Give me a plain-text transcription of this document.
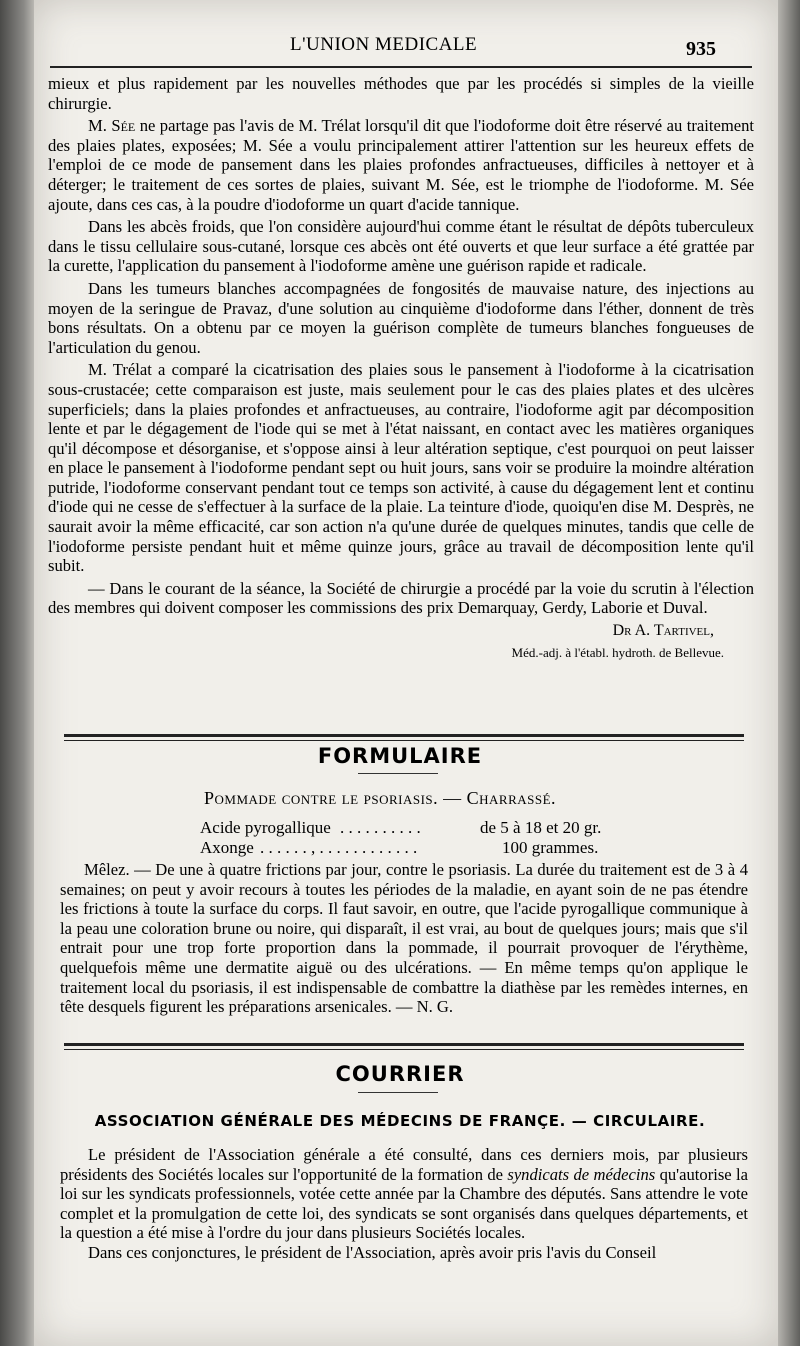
L'UNION MEDICALE	935

mieux et plus rapidement par les nouvelles méthodes que par les procédés si simples de la vieille chirurgie.

M. Sée ne partage pas l'avis de M. Trélat lorsqu'il dit que l'iodoforme doit être réservé au traitement des plaies plates, exposées; M. Sée a voulu principalement attirer l'attention sur les heureux effets de l'emploi de ce mode de pansement dans les plaies profondes anfractueuses, difficiles à nettoyer et à déterger; le traitement de ces sortes de plaies, suivant M. Sée, est le triomphe de l'iodoforme. M. Sée ajoute, dans ces cas, à la poudre d'iodoforme un quart d'acide tannique.

Dans les abcès froids, que l'on considère aujourd'hui comme étant le résultat de dépôts tuberculeux dans le tissu cellulaire sous-cutané, lorsque ces abcès ont été ouverts et que leur surface a été grattée par la curette, l'application du pansement à l'iodoforme amène une guérison rapide et radicale.

Dans les tumeurs blanches accompagnées de fongosités de mauvaise nature, des injections au moyen de la seringue de Pravaz, d'une solution au cinquième d'iodoforme dans l'éther, donnent de très bons résultats. On a obtenu par ce moyen la guérison complète de tumeurs blanches fongueuses de l'articulation du genou.

M. Trélat a comparé la cicatrisation des plaies sous le pansement à l'iodoforme à la cicatrisation sous-crustacée; cette comparaison est juste, mais seulement pour le cas des plaies plates et des ulcères superficiels; dans la plaies profondes et anfractueuses, au contraire, l'iodoforme agit par décomposition lente et par le dégagement de l'iode qui se met à l'état naissant, en contact avec les matières organiques qu'il décompose et désorganise, et s'oppose ainsi à leur altération septique, c'est pourquoi on peut laisser en place le pansement à l'iodoforme pendant sept ou huit jours, sans voir se produire la moindre altération putride, l'iodoforme conservant pendant tout ce temps son activité, à cause du dégagement lent et continu d'iode qui ne cesse de s'effectuer à la surface de la plaie. La teinture d'iode, quoiqu'en dise M. Desprès, ne saurait avoir la même efficacité, car son action n'a qu'une durée de quelques minutes, tandis que celle de l'iodoforme persiste pendant huit et même quinze jours, grâce au travail de décomposition lente qu'il subit.

— Dans le courant de la séance, la Société de chirurgie a procédé par la voie du scrutin à l'élection des membres qui doivent composer les commissions des prix Demarquay, Gerdy, Laborie et Duval.

Dr A. Tartivel,
Méd.-adj. à l'établ. hydroth. de Bellevue.
FORMULAIRE
Pommade contre le psoriasis. — Charrassé.
Acide pyrogallique . . . . . . . . . .	de 5 à 18 et 20 gr.
Axonge . . . . . . , . . . . . . . . . . . .	100 grammes.

Mêlez. — De une à quatre frictions par jour, contre le psoriasis. La durée du traitement est de 3 à 4 semaines; on peut y avoir recours à toutes les périodes de la maladie, en ayant soin de ne pas étendre les frictions à toute la surface du corps. Il faut savoir, en outre, que l'acide pyrogallique communique à la peau une coloration brune ou noire, qui disparaît, il est vrai, au bout de quelques jours; mais que s'il entrait pour une trop forte proportion dans la pommade, il pourrait provoquer de l'érythème, quelquefois même une dermatite aiguë ou des ulcérations. — En même temps qu'on applique le traitement local du psoriasis, il est indispensable de combattre la diathèse par les remèdes internes, en tête desquels figurent les préparations arsenicales. — N. G.

COURRIER
ASSOCIATION GÉNÉRALE DES MÉDECINS DE FRANÇE. — CIRCULAIRE.

Le président de l'Association générale a été consulté, dans ces derniers mois, par plusieurs présidents des Sociétés locales sur l'opportunité de la formation de syndicats de médecins qu'autorise la loi sur les syndicats professionnels, votée cette année par la Chambre des députés. Sans attendre le vote complet et la promulgation de cette loi, des syndicats se sont organisés dans quelques départements, et la question a été mise à l'ordre du jour dans plusieurs Sociétés locales.

Dans ces conjonctures, le président de l'Association, après avoir pris l'avis du Conseil
